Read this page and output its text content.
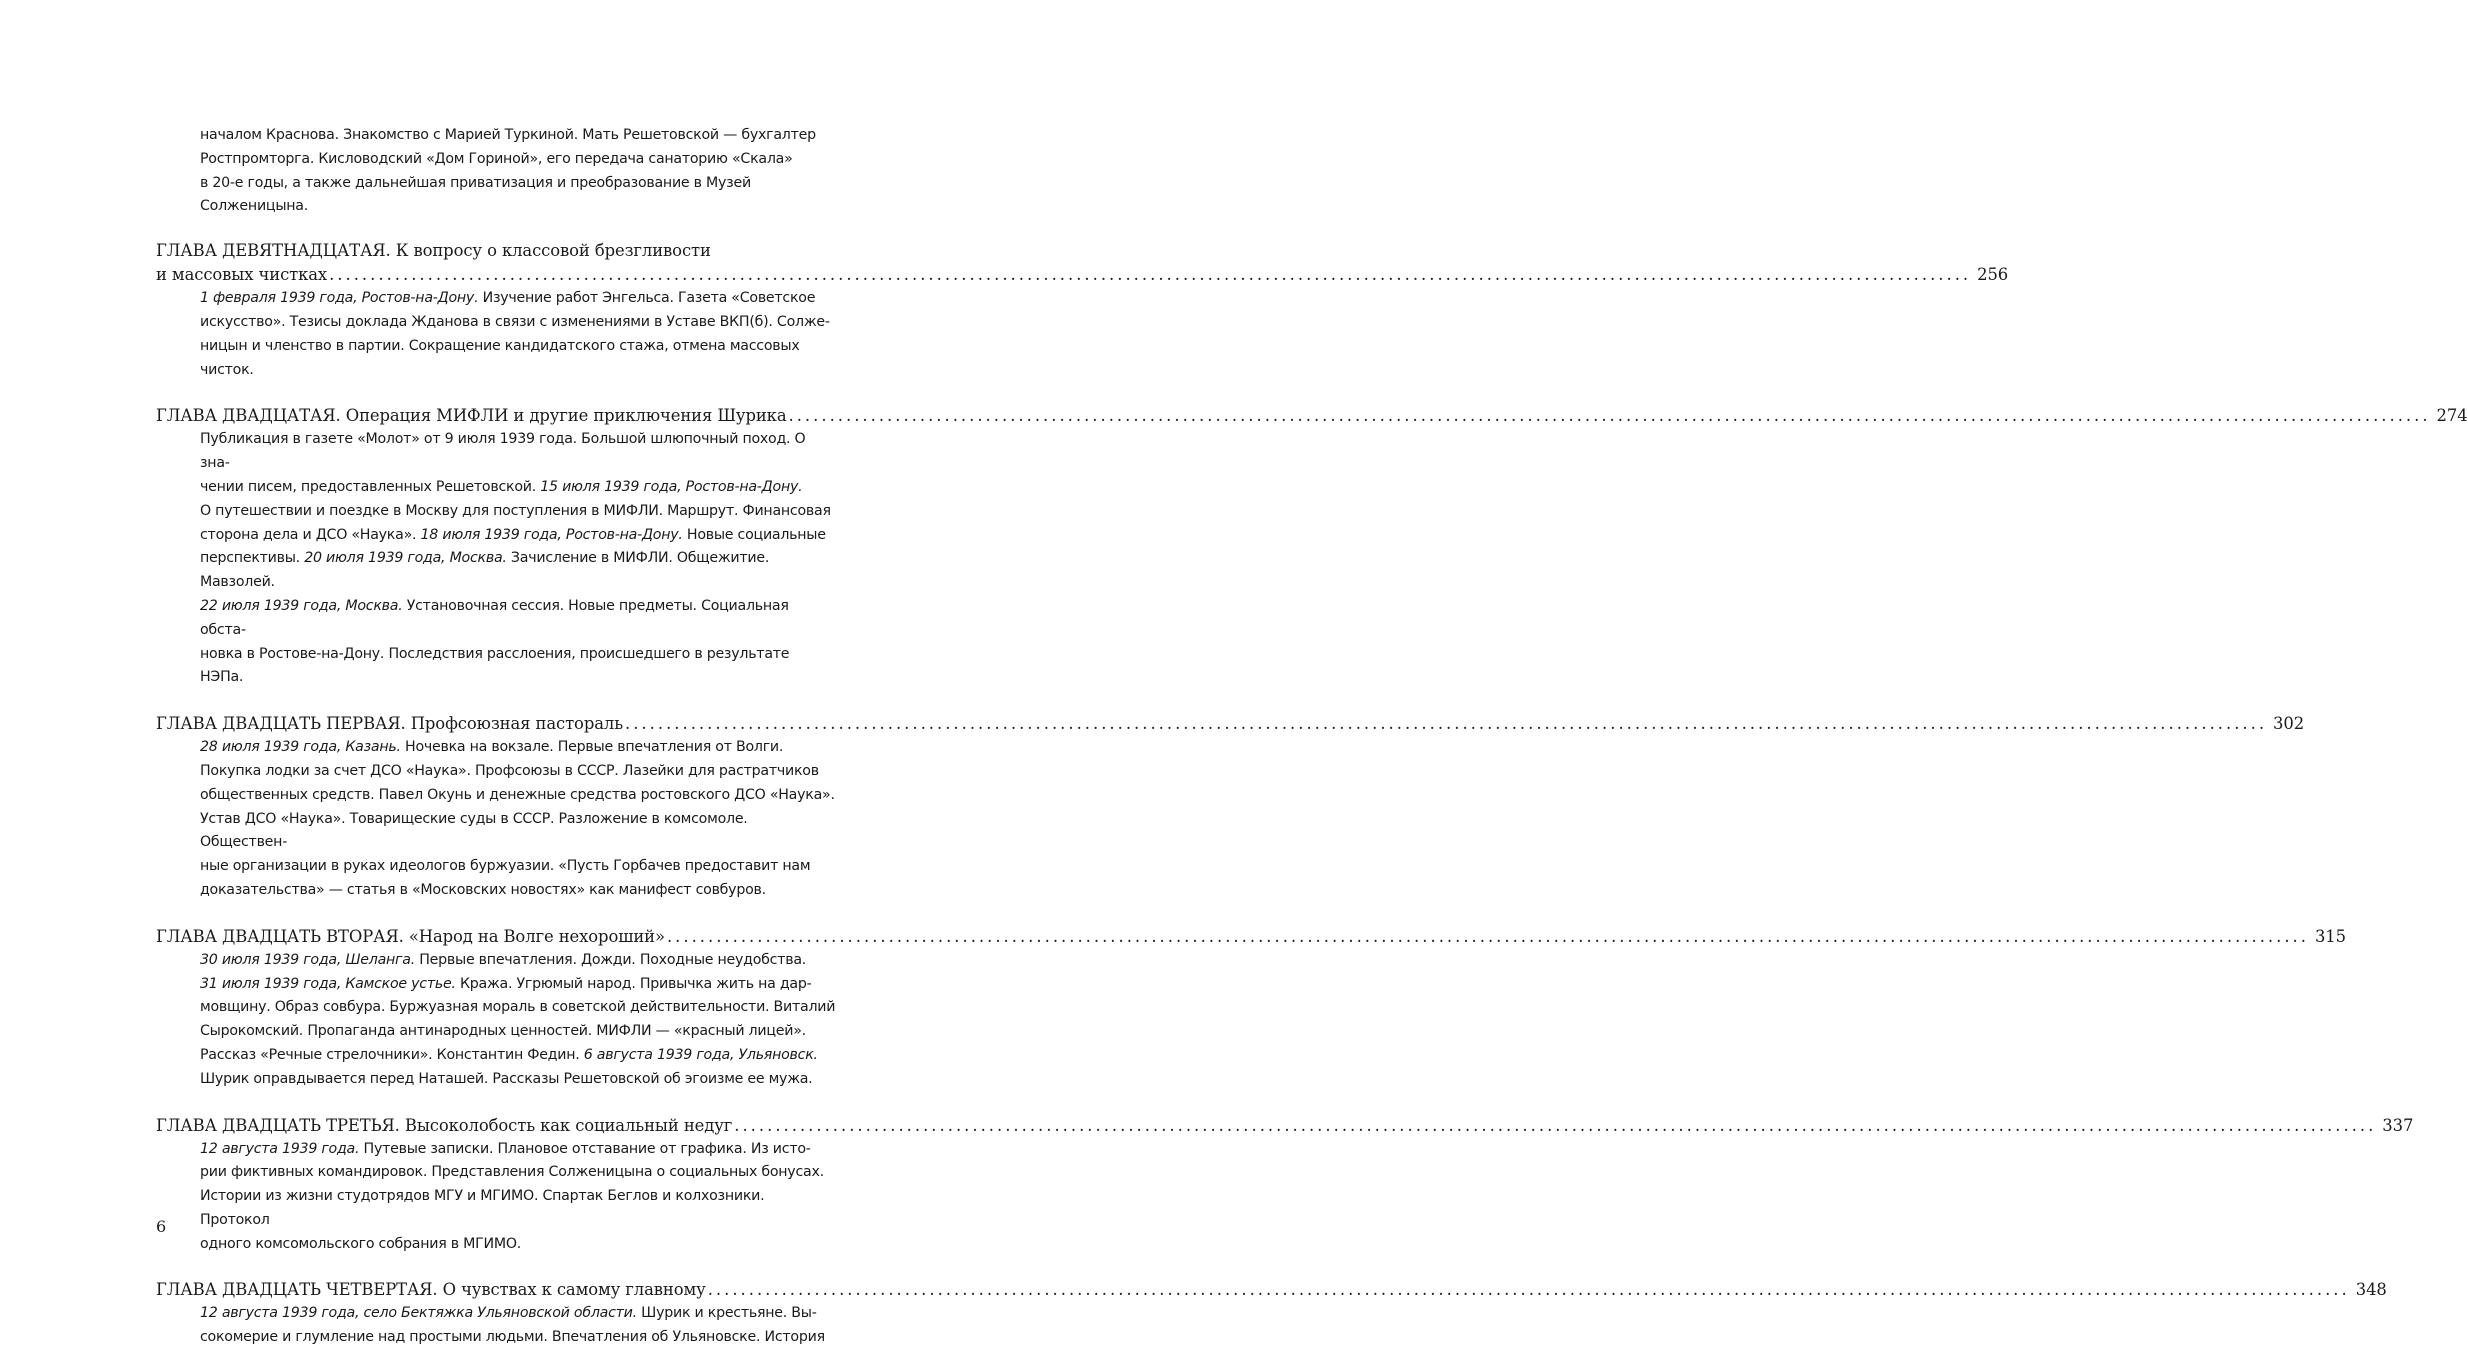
началом Краснова. Знакомство с Марией Туркиной. Мать Решетовской — бухгалтер

Ростпромторга. Кисловодский «Дом Гориной», его передача санаторию «Скала»

в 20-е годы, а также дальнейшая приватизация и преобразование в Музей Солженицына.

ГЛАВА ДЕВЯТНАДЦАТАЯ. К вопросу о классовой брезгливости

и массовых чистках ........................................................................................................................................................................................................ 256

1 февраля 1939 года, Ростов-на-Дону. Изучение работ Энгельса. Газета «Советское

искусство». Тезисы доклада Жданова в связи с изменениями в Уставе ВКП(б). Солже-

ницын и членство в партии. Сокращение кандидатского стажа, отмена массовых чисток.

ГЛАВА ДВАДЦАТАЯ. Операция МИФЛИ и другие приключения Шурика ........................................................................................................................................................................................................ 274

Публикация в газете «Молот» от 9 июля 1939 года. Большой шлюпочный поход. О зна-

чении писем, предоставленных Решетовской. 15 июля 1939 года, Ростов-на-Дону.

О путешествии и поездке в Москву для поступления в МИФЛИ. Маршрут. Финансовая

сторона дела и ДСО «Наука». 18 июля 1939 года, Ростов-на-Дону. Новые социальные

перспективы. 20 июля 1939 года, Москва. Зачисление в МИФЛИ. Общежитие. Мавзолей.

22 июля 1939 года, Москва. Установочная сессия. Новые предметы. Социальная обста-

новка в Ростове-на-Дону. Последствия расслоения, происшедшего в результате НЭПа.

ГЛАВА ДВАДЦАТЬ ПЕРВАЯ. Профсоюзная пастораль ........................................................................................................................................................................................................ 302

28 июля 1939 года, Казань. Ночевка на вокзале. Первые впечатления от Волги.

Покупка лодки за счет ДСО «Наука». Профсоюзы в СССР. Лазейки для растратчиков

общественных средств. Павел Окунь и денежные средства ростовского ДСО «Наука».

Устав ДСО «Наука». Товарищеские суды в СССР. Разложение в комсомоле. Обществен-

ные организации в руках идеологов буржуазии. «Пусть Горбачев предоставит нам

доказательства» — статья в «Московских новостях» как манифест совбуров.

ГЛАВА ДВАДЦАТЬ ВТОРАЯ. «Народ на Волге нехороший» ........................................................................................................................................................................................................ 315

30 июля 1939 года, Шеланга. Первые впечатления. Дожди. Походные неудобства.

31 июля 1939 года, Камское устье. Кража. Угрюмый народ. Привычка жить на дар-

мовщину. Образ совбура. Буржуазная мораль в советской действительности. Виталий

Сырокомский. Пропаганда антинародных ценностей. МИФЛИ — «красный лицей».

Рассказ «Речные стрелочники». Константин Федин. 6 августа 1939 года, Ульяновск.

Шурик оправдывается перед Наташей. Рассказы Решетовской об эгоизме ее мужа.

ГЛАВА ДВАДЦАТЬ ТРЕТЬЯ. Высоколобость как социальный недуг ........................................................................................................................................................................................................ 337

12 августа 1939 года. Путевые записки. Плановое отставание от графика. Из исто-

рии фиктивных командировок. Представления Солженицына о социальных бонусах.

Истории из жизни студотрядов МГУ и МГИМО. Спартак Беглов и колхозники. Протокол

одного комсомольского собрания в МГИМО.

ГЛАВА ДВАДЦАТЬ ЧЕТВЕРТАЯ. О чувствах к самому главному ........................................................................................................................................................................................................ 348

12 августа 1939 года, село Бектяжка Ульяновской области. Шурик и крестьяне. Вы-

сокомерие и глумление над простыми людьми. Впечатления об Ульяновске. История

6
